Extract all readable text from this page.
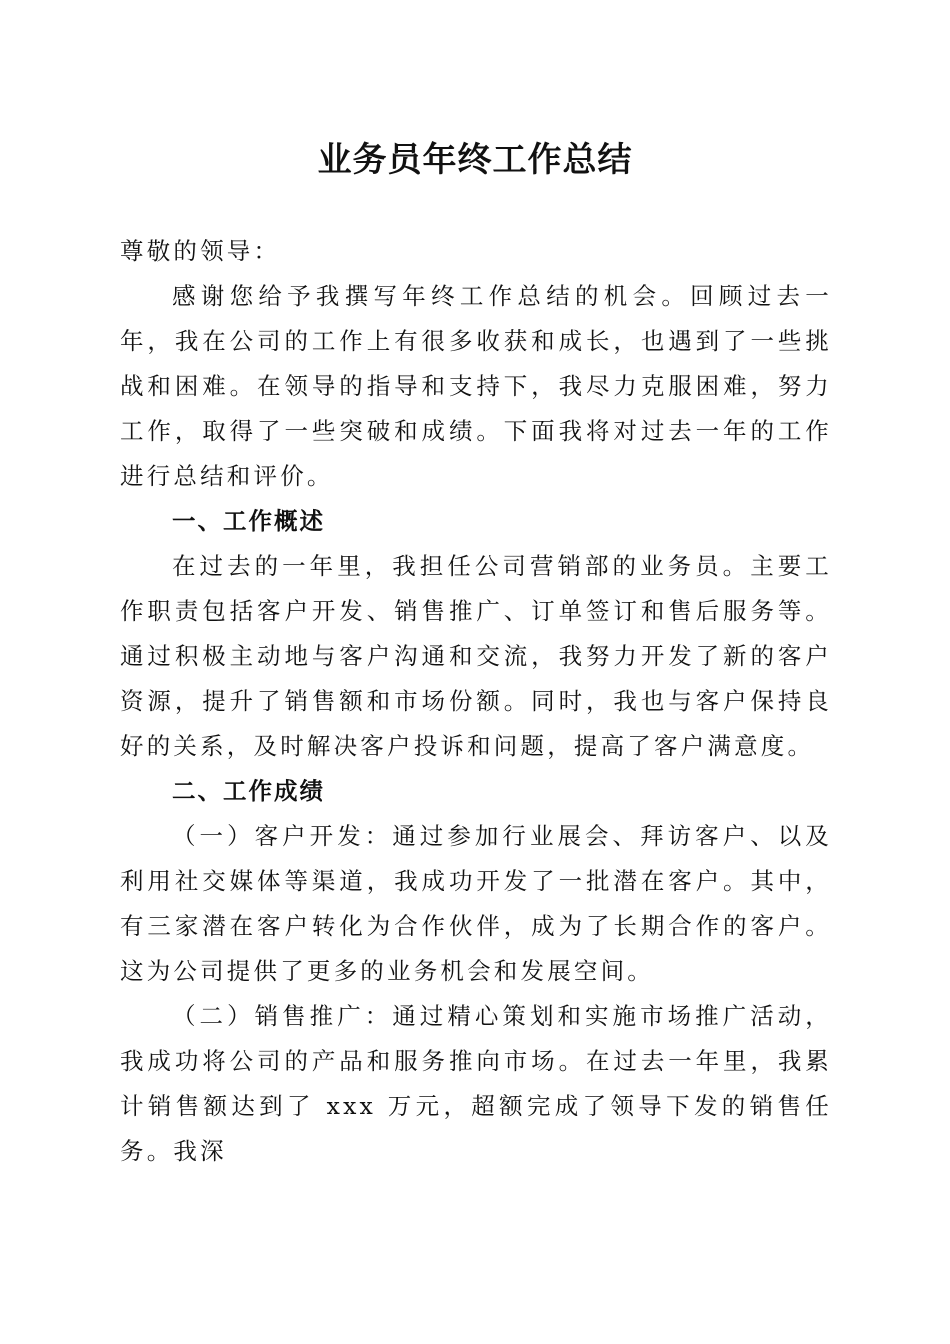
业务员年终工作总结

尊敬的领导：

感谢您给予我撰写年终工作总结的机会。回顾过去一年，我在公司的工作上有很多收获和成长，也遇到了一些挑战和困难。在领导的指导和支持下，我尽力克服困难，努力工作，取得了一些突破和成绩。下面我将对过去一年的工作进行总结和评价。

一、工作概述

在过去的一年里，我担任公司营销部的业务员。主要工作职责包括客户开发、销售推广、订单签订和售后服务等。通过积极主动地与客户沟通和交流，我努力开发了新的客户资源，提升了销售额和市场份额。同时，我也与客户保持良好的关系，及时解决客户投诉和问题，提高了客户满意度。

二、工作成绩

（一）客户开发：通过参加行业展会、拜访客户、以及利用社交媒体等渠道，我成功开发了一批潜在客户。其中，有三家潜在客户转化为合作伙伴，成为了长期合作的客户。这为公司提供了更多的业务机会和发展空间。

（二）销售推广：通过精心策划和实施市场推广活动，我成功将公司的产品和服务推向市场。在过去一年里，我累计销售额达到了 xxx 万元，超额完成了领导下发的销售任务。我深
